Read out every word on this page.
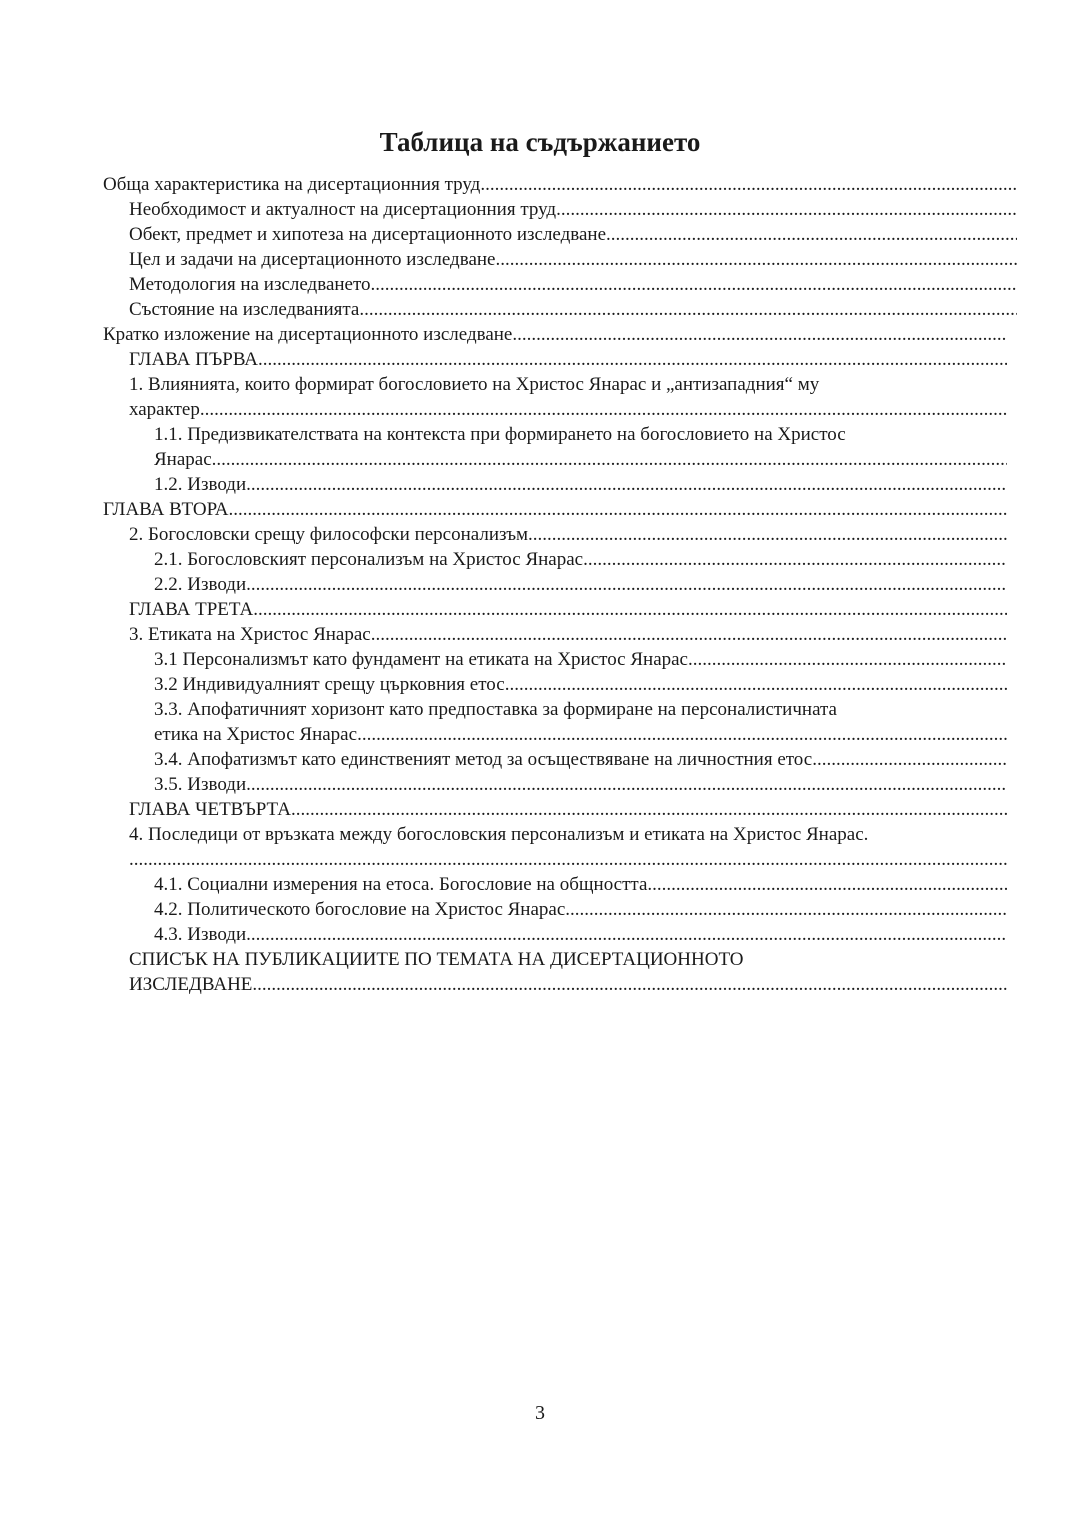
Таблица на съдържанието
Обща характеристика на дисертационния труд
.....
Необходимост и актуалност на дисертационния труд
.....
Обект, предмет и хипотеза на дисертационното изследване
.....
Цел и задачи на дисертационното изследване
.....
Методология на изследването
.....
Състояние на изследванията
.....
Кратко изложение на дисертационното изследване
.....
ГЛАВА ПЪРВА
.....
1. Влиянията, които формират богословието на Христос Янарас и „антизападния“ му
характер
.....
1.1. Предизвикателствата на контекста при формирането на богословието на Христос
Янарас
.....
1.2. Изводи
.....
ГЛАВА ВТОРА
.....
2. Богословски срещу философски персонализъм
.....
2.1. Богословският персонализъм на Христос Янарас
.....
2.2. Изводи
.....
ГЛАВА ТРЕТА
.....
3. Етиката на Христос Янарас
.....
3.1 Персонализмът като фундамент на етиката на Христос Янарас
.....
3.2 Индивидуалният срещу църковния етос
.....
3.3. Апофатичният хоризонт като предпоставка за формиране на персоналистичната
етика на Христос Янарас
.....
3.4. Апофатизмът като единственият метод за осъществяване на личностния етос
.....
3.5. Изводи
.....
ГЛАВА ЧЕТВЪРТА
.....
4. Последици от връзката между богословския персонализъм и етиката на Христос Янарас.
.....
4.1. Социални измерения на етоса. Богословие на общността
.....
4.2. Политическото богословие на Христос Янарас
.....
4.3. Изводи
.....
СПИСЪК НА ПУБЛИКАЦИИТЕ ПО ТЕМАТА НА ДИСЕРТАЦИОННОТО
ИЗСЛЕДВАНЕ
.....
3
